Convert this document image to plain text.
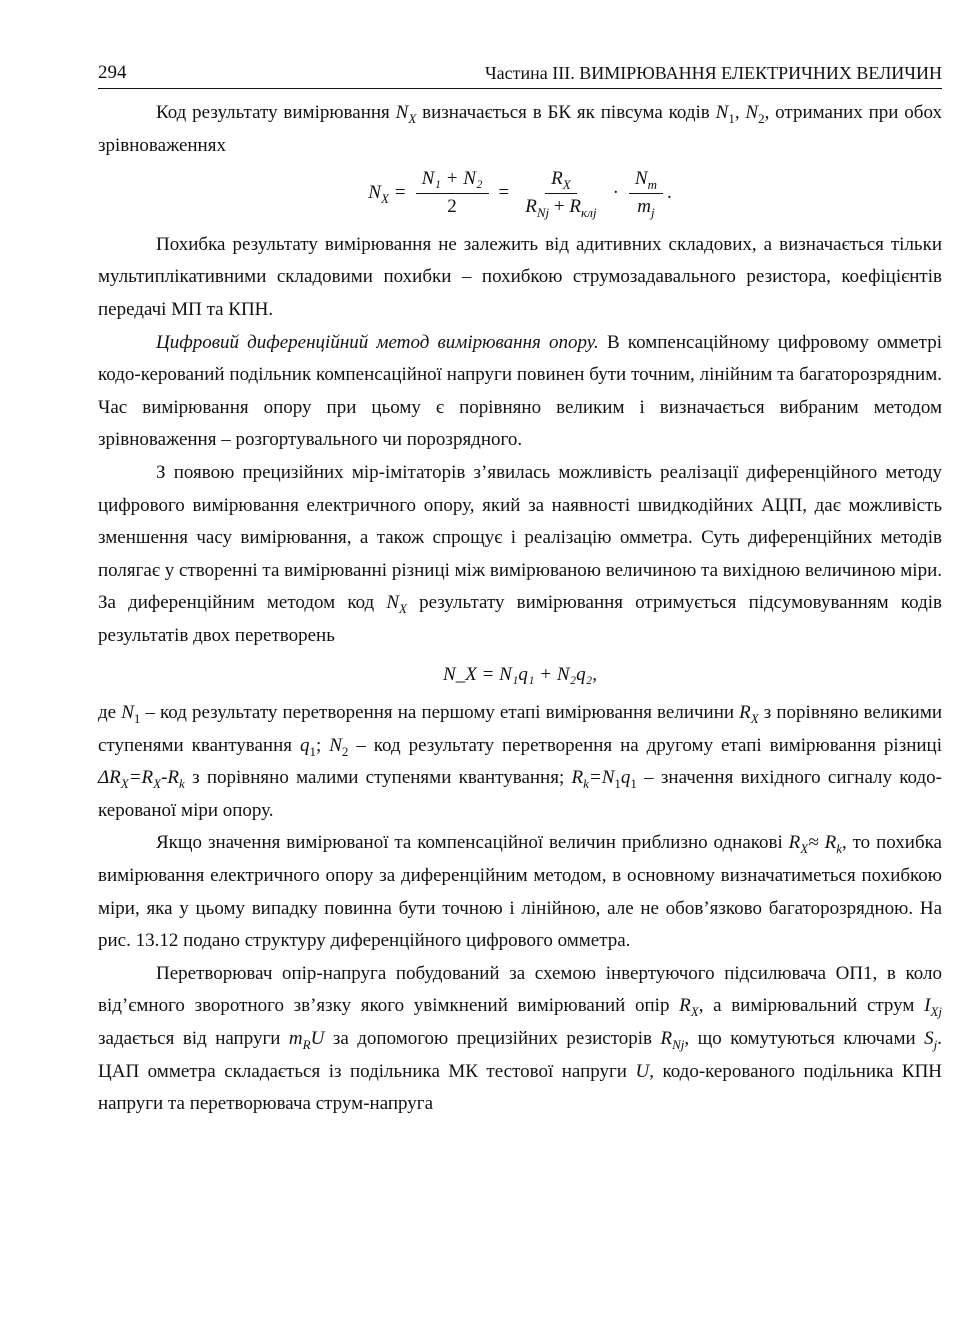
294	Частина III. ВИМІРЮВАННЯ ЕЛЕКТРИЧНИХ ВЕЛИЧИН

Код результату вимірювання $N_X$ визначається в БК як півсума кодів $N_1$, $N_2$, отриманих при обох зрівноваженнях

$N_X = \frac{\text{N₁ + N₂}}{2} = \frac{R_X}{R_{Nj} + R_{клj}} \cdot \frac{N_m}{m_j}$ .

Похибка результату вимірювання не залежить від адитивних складових, а визначається тільки мультиплікативними складовими похибки – похибкою струмозадавального резистора, коефіцієнтів передачі МП та КПН.

Цифровий диференційний метод вимірювання опору. В компенсаційному цифровому омметрі кодо-керований подільник компенсаційної напруги повинен бути точним, лінійним та багаторозрядним. Час вимірювання опору при цьому є порівняно великим і визначається вибраним методом зрівноваження – розгортувального чи порозрядного.

З появою прецизійних мір-імітаторів з’явилась можливість реалізації диференційного методу цифрового вимірювання електричного опору, який за наявності швидкодійних АЦП, дає можливість зменшення часу вимірювання, а також спрощує і реалізацію омметра. Суть диференційних методів полягає у створенні та вимірюванні різниці між вимірюваною величиною та вихідною величиною міри. За диференційним методом код $N_X$ результату вимірювання отримується підсумовуванням кодів результатів двох перетворень

N_X = N₁q₁ + N₂q₂,

де $N_1$ – код результату перетворення на першому етапі вимірювання величини $R_X$ з порівняно великими ступенями квантування $q_1$; $N_2$ – код результату перетворення на другому етапі вимірювання різниці $\Delta R_X=R_X-R_k$ з порівняно малими ступенями квантування; $R_k=N_1q_1$ – значення вихідного сигналу кодо-керованої міри опору.

Якщо значення вимірюваної та компенсаційної величин приблизно однакові $R_X\approx R_k$, то похибка вимірювання електричного опору за диференційним методом, в основному визначатиметься похибкою міри, яка у цьому випадку повинна бути точною і лінійною, але не обов’язково багаторозрядною. На рис. 13.12 подано структуру диференційного цифрового омметра.

Перетворювач опір-напруга побудований за схемою інвертуючого підсилювача ОП1, в коло від’ємного зворотного зв’язку якого увімкнений вимірюваний опір $R_X$, а вимірювальний струм $I_{Xj}$ задається від напруги $m_RU$ за допомогою прецизійних резисторів $R_{Nj}$, що комутуються ключами $S_j$. ЦАП омметра складається із подільника МК тестової напруги U, кодо-керованого подільника КПН напруги та перетворювача струм-напруга
